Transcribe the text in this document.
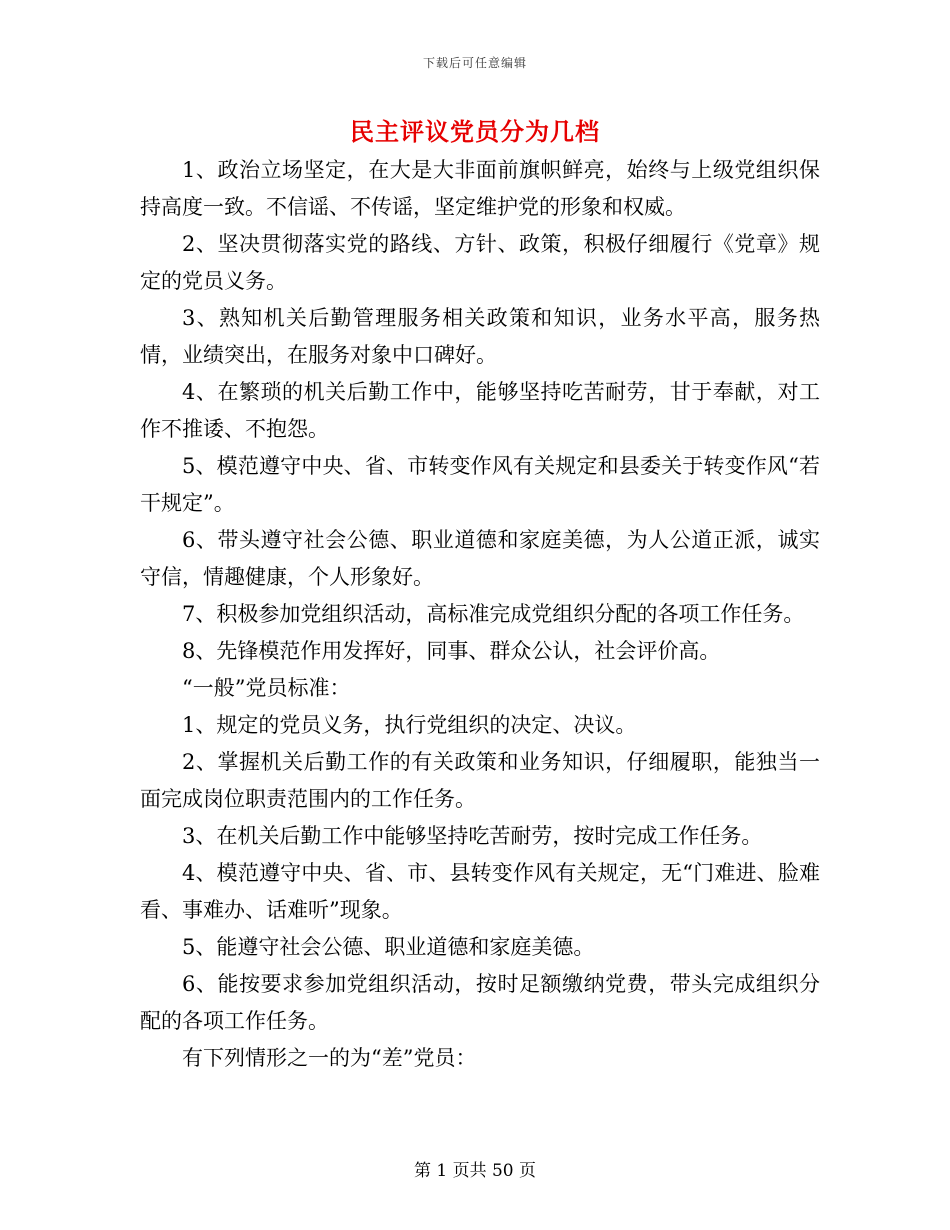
下载后可任意编辑
民主评议党员分为几档

1、政治立场坚定，在大是大非面前旗帜鲜亮，始终与上级党组织保持高度一致。不信谣、不传谣，坚定维护党的形象和权威。

2、坚决贯彻落实党的路线、方针、政策，积极仔细履行《党章》规定的党员义务。

3、熟知机关后勤管理服务相关政策和知识，业务水平高，服务热情，业绩突出，在服务对象中口碑好。

4、在繁琐的机关后勤工作中，能够坚持吃苦耐劳，甘于奉献，对工作不推诿、不抱怨。

5、模范遵守中央、省、市转变作风有关规定和县委关于转变作风“若干规定”。

6、带头遵守社会公德、职业道德和家庭美德，为人公道正派，诚实守信，情趣健康，个人形象好。

7、积极参加党组织活动，高标准完成党组织分配的各项工作任务。

8、先锋模范作用发挥好，同事、群众公认，社会评价高。

“一般”党员标准：

1、规定的党员义务，执行党组织的决定、决议。

2、掌握机关后勤工作的有关政策和业务知识，仔细履职，能独当一面完成岗位职责范围内的工作任务。

3、在机关后勤工作中能够坚持吃苦耐劳，按时完成工作任务。

4、模范遵守中央、省、市、县转变作风有关规定，无“门难进、脸难看、事难办、话难听”现象。

5、能遵守社会公德、职业道德和家庭美德。

6、能按要求参加党组织活动，按时足额缴纳党费，带头完成组织分配的各项工作任务。

有下列情形之一的为“差”党员：

第 1 页共 50 页
